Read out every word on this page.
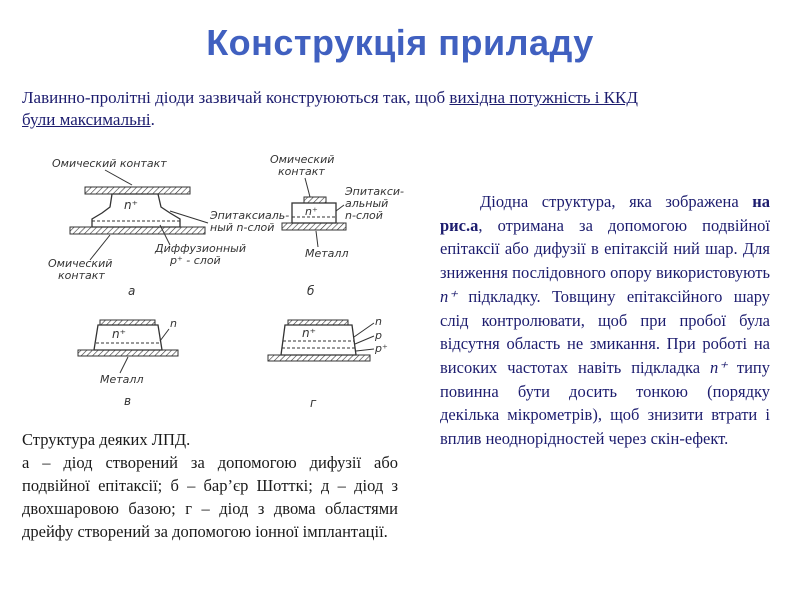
Конструкція приладу
Лавинно-пролітні діоди зазвичай конструюються так, щоб вихідна потужність і ККД
були максимальні.
Омический контакт
n⁺
Эпитаксиаль-
ный n-слой
Диффузионный
p⁺ - слой
Омический
контакт
а
Омический
контакт
n⁺
Эпитакси-
альный
n-слой
Металл
б
n⁺
n
Металл
в
n⁺
n
p
p⁺
г

Структура деяких ЛПД.

а – діод створений за допомогою дифузії або подвійної епітаксії; б – бар’єр Шотткі; д – діод з двохшаровою базою; г – діод з двома областями дрейфу створений за допомогою іонної імплантації.

Діодна структура, яка зображена на рис.а, отримана за допомогою подвійної епітаксії або дифузії в епітаксій ний шар. Для зниження послідовного опору використовують n⁺ підкладку. Товщину епітаксійного шару слід контролювати, щоб при пробої була відсутня область не змикання. При роботі на високих частотах навіть підкладка n⁺ типу повинна бути досить тонкою (порядку декілька мікрометрів), щоб знизити втрати і вплив неоднорідностей через скін-ефект.
